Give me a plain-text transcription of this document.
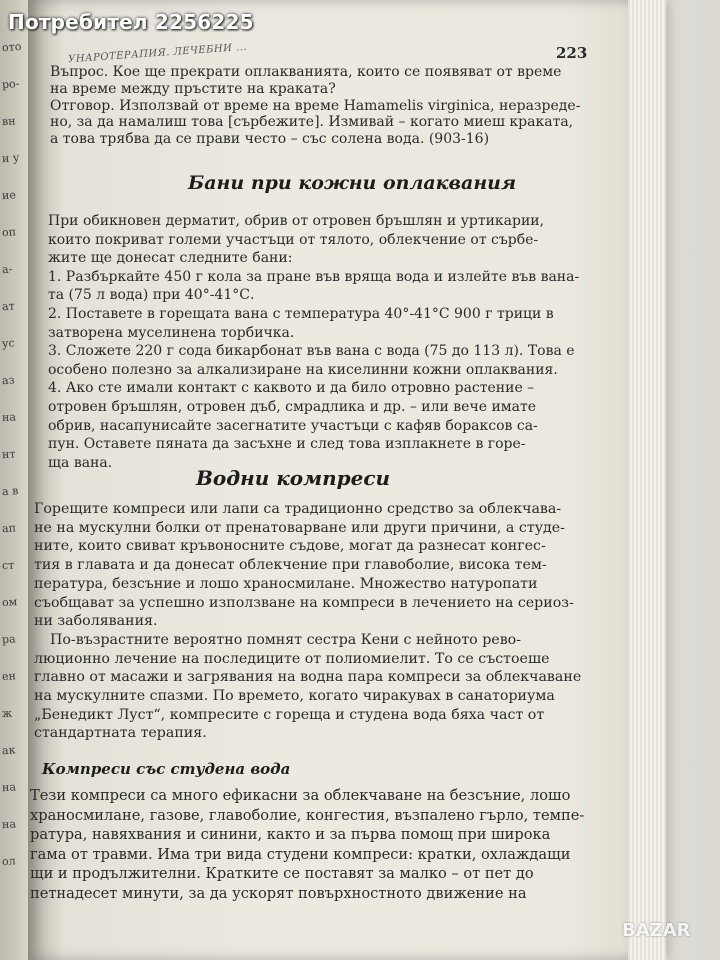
ото
ро-
вн
и у
ие
оп
а-
ат
ус
аз
на
нт
а в
ап
ст
ом
ра
ен
ж
ак
на
на
ол
УНАРОТЕРАПИЯ. ЛЕЧЕБНИ ...	223

Въпрос. Кое ще прекрати оплакванията, които се появяват от време

на време между пръстите на краката?

Отговор. Използвай от време на време Hamamelis virginica, неразреде-

но, за да намалиш това [сърбежите]. Измивай – когато миеш краката,

а това трябва да се прави често – със солена вода. (903-16)

Бани при кожни оплаквания

При обикновен дерматит, обрив от отровен бръшлян и уртикарии,

които покриват големи участъци от тялото, облекчение от сърбе-

жите ще донесат следните бани:

1. Разбъркайте 450 г кола за пране във вряща вода и излейте във вана-

та (75 л вода) при 40°-41°С.

2. Поставете в горещата вана с температура 40°-41°С 900 г трици в

затворена муселинена торбичка.

3. Сложете 220 г сода бикарбонат във вана с вода (75 до 113 л). Това е

особено полезно за алкализиране на киселинни кожни оплаквания.

4. Ако сте имали контакт с каквото и да било отровно растение –

отровен бръшлян, отровен дъб, смрадлика и др. – или вече имате

обрив, насапунисайте засегнатите участъци с кафяв бораксов са-

пун. Оставете пяната да засъхне и след това изплакнете в горе-

ща вана.

Водни компреси

Горещите компреси или лапи са традиционно средство за облекчава-

не на мускулни болки от пренатоварване или други причини, а студе-

ните, които свиват кръвоносните съдове, могат да разнесат конгес-

тия в главата и да донесат облекчение при главоболие, висока тем-

пература, безсъние и лошо храносмилане. Множество натуропати

съобщават за успешно използване на компреси в лечението на сериоз-

ни заболявания.

По-възрастните вероятно помнят сестра Кени с нейното рево-

люционно лечение на последиците от полиомиелит. То се състоеше

главно от масажи и загрявания на водна пара компреси за облекчаване

на мускулните спазми. По времето, когато чиракувах в санаториума

„Бенедикт Луст“, компресите с гореща и студена вода бяха част от

стандартната терапия.

Компреси със студена вода

Тези компреси са много ефикасни за облекчаване на безсъние, лошо

храносмилане, газове, главоболие, конгестия, възпалено гърло, темпе-

ратура, навяхвания и синини, както и за първа помощ при широка

гама от травми. Има три вида студени компреси: кратки, охлаждащи

щи и продължителни. Кратките се поставят за малко – от пет до

петнадесет минути, за да ускорят повърхностното движение на

Потребител 2256225
BAZAR
